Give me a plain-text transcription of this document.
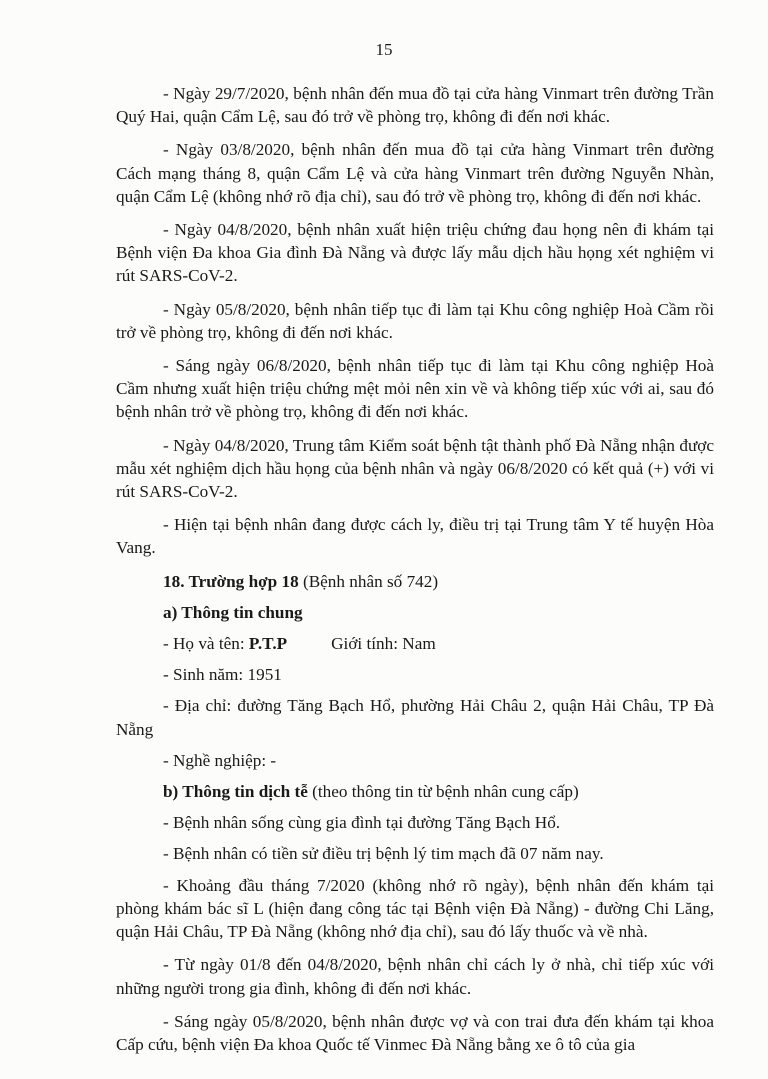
15

- Ngày 29/7/2020, bệnh nhân đến mua đồ tại cửa hàng Vinmart trên đường Trần Quý Hai, quận Cẩm Lệ, sau đó trở về phòng trọ, không đi đến nơi khác.

- Ngày 03/8/2020, bệnh nhân đến mua đồ tại cửa hàng Vinmart trên đường Cách mạng tháng 8, quận Cẩm Lệ và cửa hàng Vinmart trên đường Nguyễn Nhàn, quận Cẩm Lệ (không nhớ rõ địa chỉ), sau đó trở về phòng trọ, không đi đến nơi khác.

- Ngày 04/8/2020, bệnh nhân xuất hiện triệu chứng đau họng nên đi khám tại Bệnh viện Đa khoa Gia đình Đà Nẵng và được lấy mẫu dịch hầu họng xét nghiệm vi rút SARS-CoV-2.

- Ngày 05/8/2020, bệnh nhân tiếp tục đi làm tại Khu công nghiệp Hoà Cầm rồi trở về phòng trọ, không đi đến nơi khác.

- Sáng ngày 06/8/2020, bệnh nhân tiếp tục đi làm tại Khu công nghiệp Hoà Cầm nhưng xuất hiện triệu chứng mệt mỏi nên xin về và không tiếp xúc với ai, sau đó bệnh nhân trở về phòng trọ, không đi đến nơi khác.

- Ngày 04/8/2020, Trung tâm Kiểm soát bệnh tật thành phố Đà Nẵng nhận được mẫu xét nghiệm dịch hầu họng của bệnh nhân và ngày 06/8/2020 có kết quả (+) với vi rút SARS-CoV-2.

- Hiện tại bệnh nhân đang được cách ly, điều trị tại Trung tâm Y tế huyện Hòa Vang.

18. Trường hợp 18 (Bệnh nhân số 742)

a) Thông tin chung

- Họ và tên: P.T.P	Giới tính: Nam

- Sinh năm: 1951

- Địa chỉ: đường Tăng Bạch Hổ, phường Hải Châu 2, quận Hải Châu, TP Đà Nẵng

- Nghề nghiệp: -

b) Thông tin dịch tễ (theo thông tin từ bệnh nhân cung cấp)

- Bệnh nhân sống cùng gia đình tại đường Tăng Bạch Hổ.

- Bệnh nhân có tiền sử điều trị bệnh lý tim mạch đã 07 năm nay.

- Khoảng đầu tháng 7/2020 (không nhớ rõ ngày), bệnh nhân đến khám tại phòng khám bác sĩ L (hiện đang công tác tại Bệnh viện Đà Nẵng) - đường Chi Lăng, quận Hải Châu, TP Đà Nẵng (không nhớ địa chỉ), sau đó lấy thuốc và về nhà.

- Từ ngày 01/8 đến 04/8/2020, bệnh nhân chỉ cách ly ở nhà, chỉ tiếp xúc với những người trong gia đình, không đi đến nơi khác.

- Sáng ngày 05/8/2020, bệnh nhân được vợ và con trai đưa đến khám tại khoa Cấp cứu, bệnh viện Đa khoa Quốc tế Vinmec Đà Nẵng bằng xe ô tô của gia
